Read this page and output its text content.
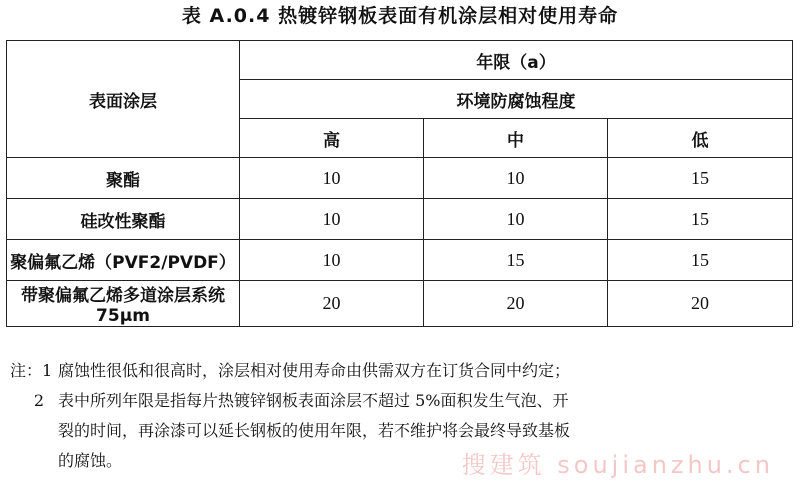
表 A.0.4 热镀锌钢板表面有机涂层相对使用寿命
表面涂层	年限（a）		
	环境防腐蚀程度		
	高	中	低
聚酯	10	10	15
硅改性聚酯	10	10	15
聚偏氟乙烯（PVF2/PVDF）	10	15	15
带聚偏氟乙烯多道涂层系统 75μm	20	20	20
注： 1 腐蚀性很低和很高时，涂层相对使用寿命由供需双方在订货合同中约定；
2 表中所列年限是指每片热镀锌钢板表面涂层不超过 5%面积发生气泡、开
裂的时间，再涂漆可以延长钢板的使用年限，若不维护将会最终导致基板
的腐蚀。	搜建筑 soujianzhu.cn
